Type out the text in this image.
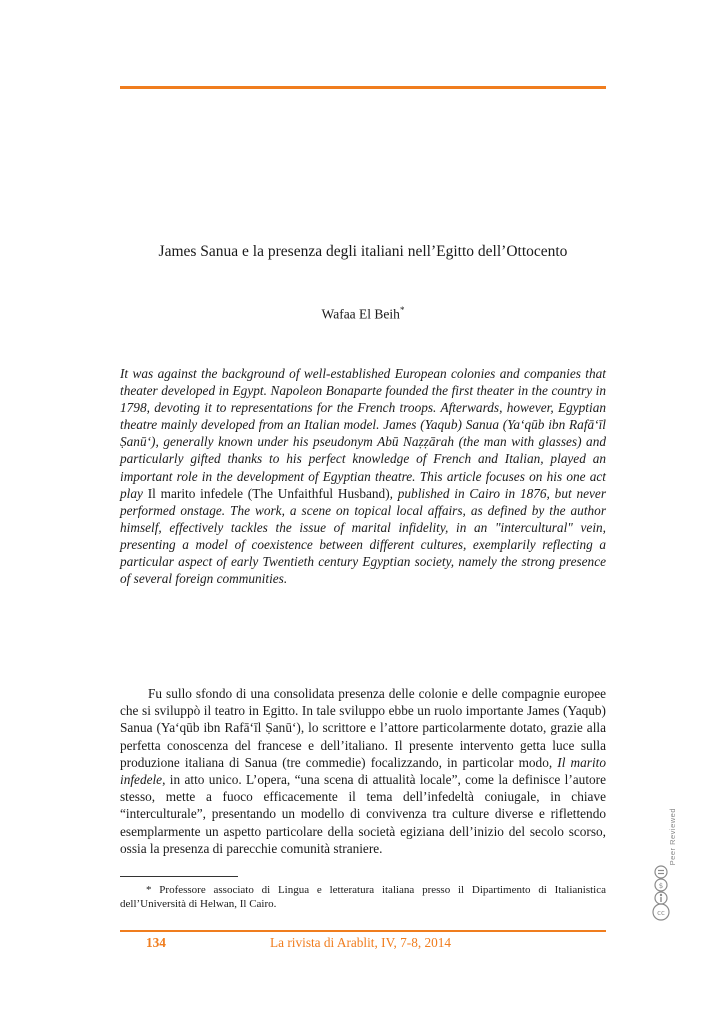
James Sanua e la presenza degli italiani nell’Egitto dell’Ottocento
Wafaa El Beih*
It was against the background of well-established European colonies and companies that theater developed in Egypt. Napoleon Bonaparte founded the first theater in the country in 1798, devoting it to representations for the French troops. Afterwards, however, Egyptian theatre mainly developed from an Italian model. James (Yaqub) Sanua (Ya‘qūb ibn Rafā‘īl Ṣanū‘), generally known under his pseudonym Abū Naẓẓārah (the man with glasses) and particularly gifted thanks to his perfect knowledge of French and Italian, played an important role in the development of Egyptian theatre. This article focuses on his one act play Il marito infedele (The Unfaithful Husband), published in Cairo in 1876, but never performed onstage. The work, a scene on topical local affairs, as defined by the author himself, effectively tackles the issue of marital infidelity, in an "intercultural" vein, presenting a model of coexistence between different cultures, exemplarily reflecting a particular aspect of early Twentieth century Egyptian society, namely the strong presence of several foreign communities.

Fu sullo sfondo di una consolidata presenza delle colonie e delle compagnie europee che si sviluppò il teatro in Egitto. In tale sviluppo ebbe un ruolo importante James (Yaqub) Sanua (Ya‘qūb ibn Rafā‘īl Ṣanū‘), lo scrittore e l’attore particolarmente dotato, grazie alla perfetta conoscenza del francese e dell’italiano. Il presente intervento getta luce sulla produzione italiana di Sanua (tre commedie) focalizzando, in particolar modo, Il marito infedele, in atto unico. L’opera, “una scena di attualità locale”, come la definisce l’autore stesso, mette a fuoco efficacemente il tema dell’infedeltà coniugale, in chiave “interculturale”, presentando un modello di convivenza tra culture diverse e riflettendo esemplarmente un aspetto particolare della società egiziana dell’inizio del secolo scorso, ossia la presenza di parecchie comunità straniere.

* Professore associato di Lingua e letteratura italiana presso il Dipartimento di Italianistica dell’Università di Helwan, Il Cairo.

Peer Reviewed
cc
$
134	La rivista di Arablit, IV, 7-8, 2014
